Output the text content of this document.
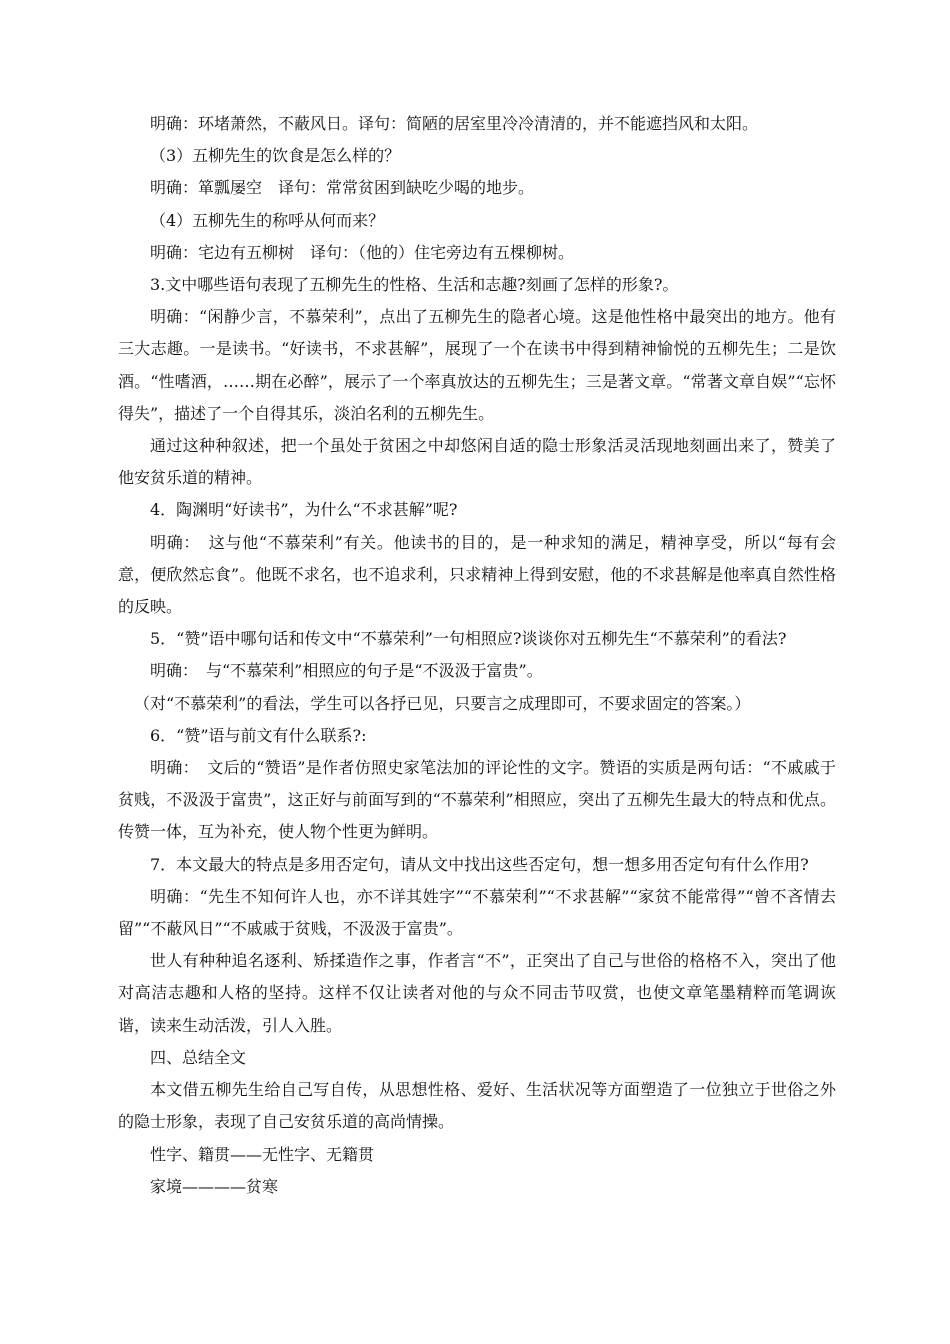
明确：环堵萧然，不蔽风日。译句：简陋的居室里冷冷清清的，并不能遮挡风和太阳。

（3）五柳先生的饮食是怎么样的？

明确：箪瓢屡空　译句：常常贫困到缺吃少喝的地步。

（4）五柳先生的称呼从何而来？

明确：宅边有五柳树　译句：（他的）住宅旁边有五棵柳树。

3.文中哪些语句表现了五柳先生的性格、生活和志趣?刻画了怎样的形象?。

明确：“闲静少言，不慕荣利”，点出了五柳先生的隐者心境。这是他性格中最突出的地方。他有三大志趣。一是读书。“好读书，不求甚解”，展现了一个在读书中得到精神愉悦的五柳先生；二是饮酒。“性嗜酒，……期在必醉”，展示了一个率真放达的五柳先生；三是著文章。“常著文章自娱”“忘怀得失”，描述了一个自得其乐，淡泊名利的五柳先生。

通过这种种叙述，把一个虽处于贫困之中却悠闲自适的隐士形象活灵活现地刻画出来了，赞美了他安贫乐道的精神。

4．陶渊明“好读书”，为什么“不求甚解”呢?

明确：　这与他“不慕荣利”有关。他读书的目的，是一种求知的满足，精神享受，所以“每有会意，便欣然忘食”。他既不求名，也不追求利，只求精神上得到安慰，他的不求甚解是他率真自然性格的反映。

5．“赞”语中哪句话和传文中“不慕荣利”一句相照应?谈谈你对五柳先生“不慕荣利”的看法?

明确：　与“不慕荣利”相照应的句子是“不汲汲于富贵”。

（对“不慕荣利”的看法，学生可以各抒已见，只要言之成理即可，不要求固定的答案。）

6．“赞”语与前文有什么联系?:

明确：　文后的“赞语”是作者仿照史家笔法加的评论性的文字。赞语的实质是两句话：“不戚戚于贫贱，不汲汲于富贵”，这正好与前面写到的“不慕荣利”相照应，突出了五柳先生最大的特点和优点。传赞一体，互为补充，使人物个性更为鲜明。

7．本文最大的特点是多用否定句，请从文中找出这些否定句，想一想多用否定句有什么作用?

明确：“先生不知何许人也，亦不详其姓字”“不慕荣利”“不求甚解”“家贫不能常得”“曾不吝情去留”“不蔽风日”“不戚戚于贫贱，不汲汲于富贵”。

世人有种种追名逐利、矫揉造作之事，作者言“不”，正突出了自己与世俗的格格不入，突出了他对高洁志趣和人格的坚持。这样不仅让读者对他的与众不同击节叹赏，也使文章笔墨精粹而笔调诙谐，读来生动活泼，引人入胜。

四、总结全文

本文借五柳先生给自己写自传，从思想性格、爱好、生活状况等方面塑造了一位独立于世俗之外的隐士形象，表现了自己安贫乐道的高尚情操。

性字、籍贯——无性字、无籍贯

家境————贫寒
